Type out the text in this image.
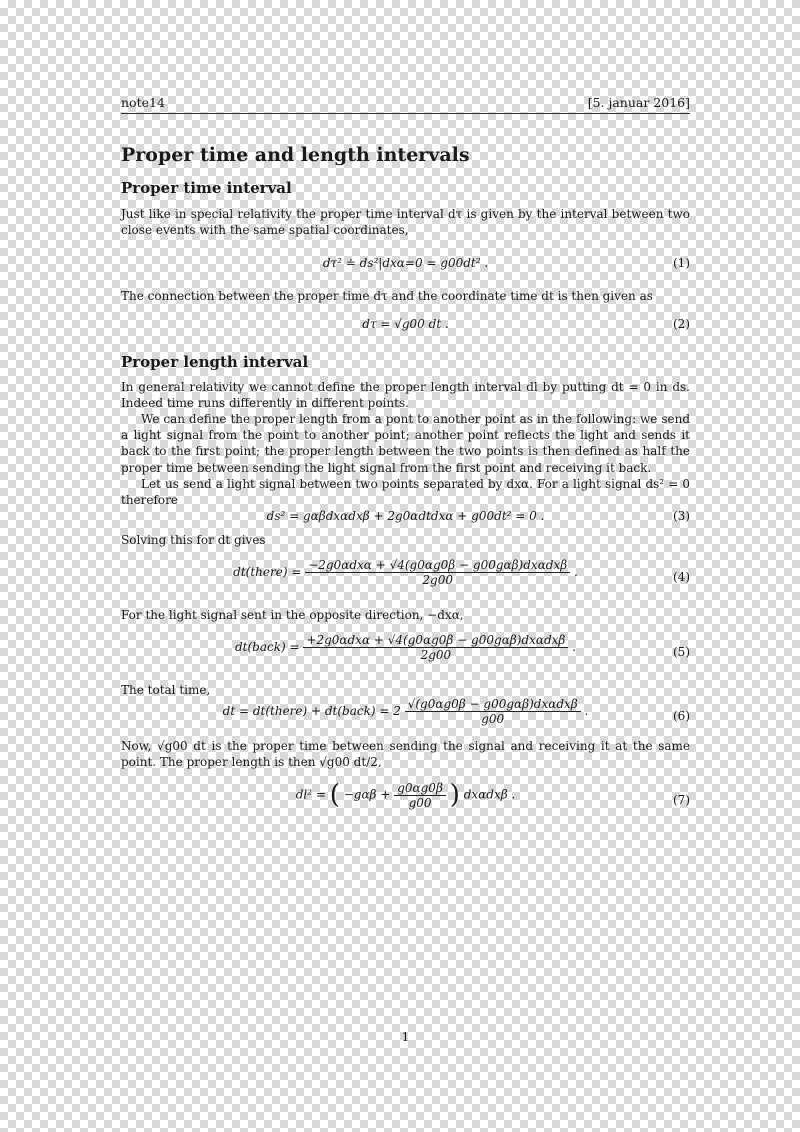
note14	[5. januar 2016]
Proper time and length intervals
Proper time interval

Just like in special relativity the proper time interval dτ is given by the interval between two close events with the same spatial coordinates,

dτ² ≐ ds²|dxα=0 = g00dt² .	(1)

The connection between the proper time dτ and the coordinate time dt is then given as

dτ = √g00 dt .	(2)
Proper length interval

In general relativity we cannot define the proper length interval dl by putting dt = 0 in ds. Indeed time runs differently in different points.

We can define the proper length from a pont to another point as in the following: we send a light signal from the point to another point; another point reflects the light and sends it back to the first point; the proper length between the two points is then defined as half the proper time between sending the light signal from the first point and receiving it back.

Let us send a light signal between two points separated by dxα. For a light signal ds² = 0 therefore

ds² = gαβdxαdxβ + 2g0αdtdxα + g00dt² = 0 .	(3)

Solving this for dt gives

dt(there) = $\frac{\text{−2g0αdxα + √4(g0αg0β − g00gαβ)dxαdxβ}}{2g00}$ .	(4)

For the light signal sent in the opposite direction, −dxα,

dt(back) = $\frac{\text{+2g0αdxα + √4(g0αg0β − g00gαβ)dxαdxβ}}{2g00}$ .	(5)

The total time,

dt = dt(there) + dt(back) = $2 \frac{\text{√(g0αg0β − g00gαβ)dxαdxβ}}{g00}$ .	(6)

Now, √g00 dt is the proper time between sending the signal and receiving it at the same point. The proper length is then √g00 dt/2,

dl² = ( $-g\alpha\beta + \frac{g0\alpha g0\beta}{g00}$ ) dxαdxβ .	(7)
1
